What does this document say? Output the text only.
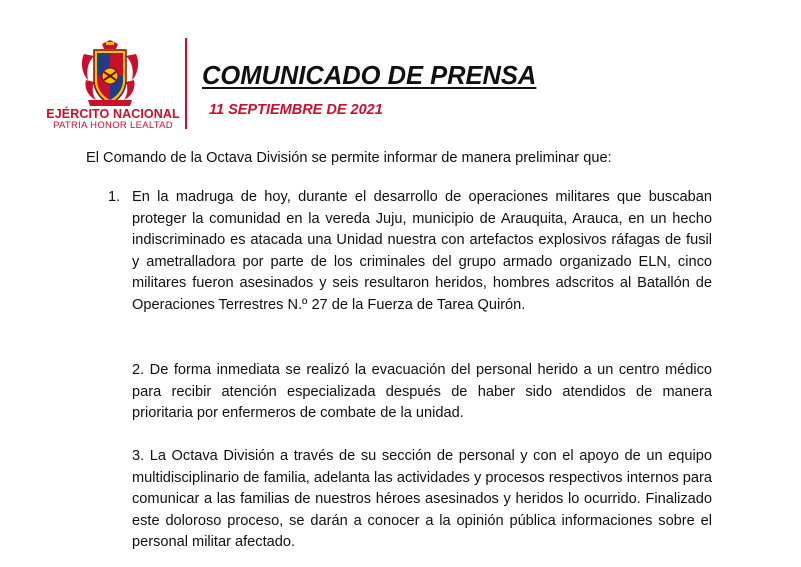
EJÉRCITO NACIONAL
PATRIA HONOR LEALTAD
COMUNICADO DE PRENSA
11 SEPTIEMBRE DE 2021
El Comando de la Octava División se permite informar de manera preliminar que:
1. En la madruga de hoy, durante el desarrollo de operaciones militares que buscaban proteger la comunidad en la vereda Juju, municipio de Arauquita, Arauca, en un hecho indiscriminado es atacada una Unidad nuestra con artefactos explosivos ráfagas de fusil y ametralladora por parte de los criminales del grupo armado organizado ELN, cinco militares fueron asesinados y seis resultaron heridos, hombres adscritos al Batallón de Operaciones Terrestres N.º 27 de la Fuerza de Tarea Quirón.
2. De forma inmediata se realizó la evacuación del personal herido a un centro médico para recibir atención especializada después de haber sido atendidos de manera prioritaria por enfermeros de combate de la unidad.
3. La Octava División a través de su sección de personal y con el apoyo de un equipo multidisciplinario de familia, adelanta las actividades y procesos respectivos internos para comunicar a las familias de nuestros héroes asesinados y heridos lo ocurrido. Finalizado este doloroso proceso, se darán a conocer a la opinión pública informaciones sobre el personal militar afectado.
